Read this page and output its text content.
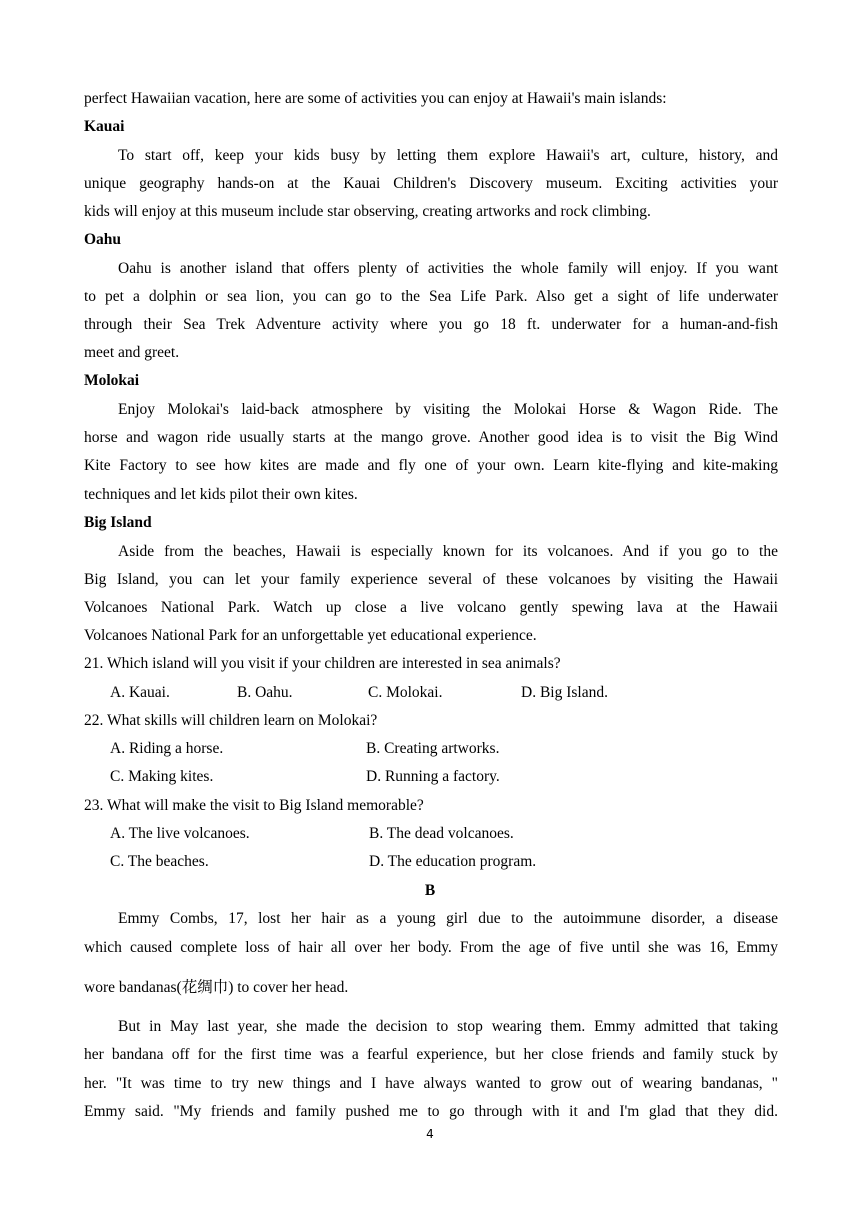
perfect Hawaiian vacation, here are some of activities you can enjoy at Hawaii's main islands:
Kauai
To start off, keep your kids busy by letting them explore Hawaii's art, culture, history, and
unique geography hands-on at the Kauai Children's Discovery museum. Exciting activities your
kids will enjoy at this museum include star observing, creating artworks and rock climbing.
Oahu
Oahu is another island that offers plenty of activities the whole family will enjoy. If you want
to pet a dolphin or sea lion, you can go to the Sea Life Park. Also get a sight of life underwater
through their Sea Trek Adventure activity where you go 18 ft. underwater for a human-and-fish
meet and greet.
Molokai
Enjoy Molokai's laid-back atmosphere by visiting the Molokai Horse & Wagon Ride. The
horse and wagon ride usually starts at the mango grove. Another good idea is to visit the Big Wind
Kite Factory to see how kites are made and fly one of your own. Learn kite-flying and kite-making
techniques and let kids pilot their own kites.
Big Island
Aside from the beaches, Hawaii is especially known for its volcanoes. And if you go to the
Big Island, you can let your family experience several of these volcanoes by visiting the Hawaii
Volcanoes National Park. Watch up close a live volcano gently spewing lava at the Hawaii
Volcanoes National Park for an unforgettable yet educational experience.
21. Which island will you visit if your children are interested in sea animals?
A. Kauai.	B. Oahu.	C. Molokai.	D. Big Island.
22. What skills will children learn on Molokai?
A. Riding a horse.	B. Creating artworks.
C. Making kites.	D. Running a factory.
23. What will make the visit to Big Island memorable?
A. The live volcanoes.	B. The dead volcanoes.
C. The beaches.	D. The education program.
B
Emmy Combs, 17, lost her hair as a young girl due to the autoimmune disorder, a disease
which caused complete loss of hair all over her body. From the age of five until she was 16, Emmy
wore bandanas(花绸巾) to cover her head.
But in May last year, she made the decision to stop wearing them. Emmy admitted that taking
her bandana off for the first time was a fearful experience, but her close friends and family stuck by
her. "It was time to try new things and I have always wanted to grow out of wearing bandanas, "
Emmy said. "My friends and family pushed me to go through with it and I'm glad that they did.
4
